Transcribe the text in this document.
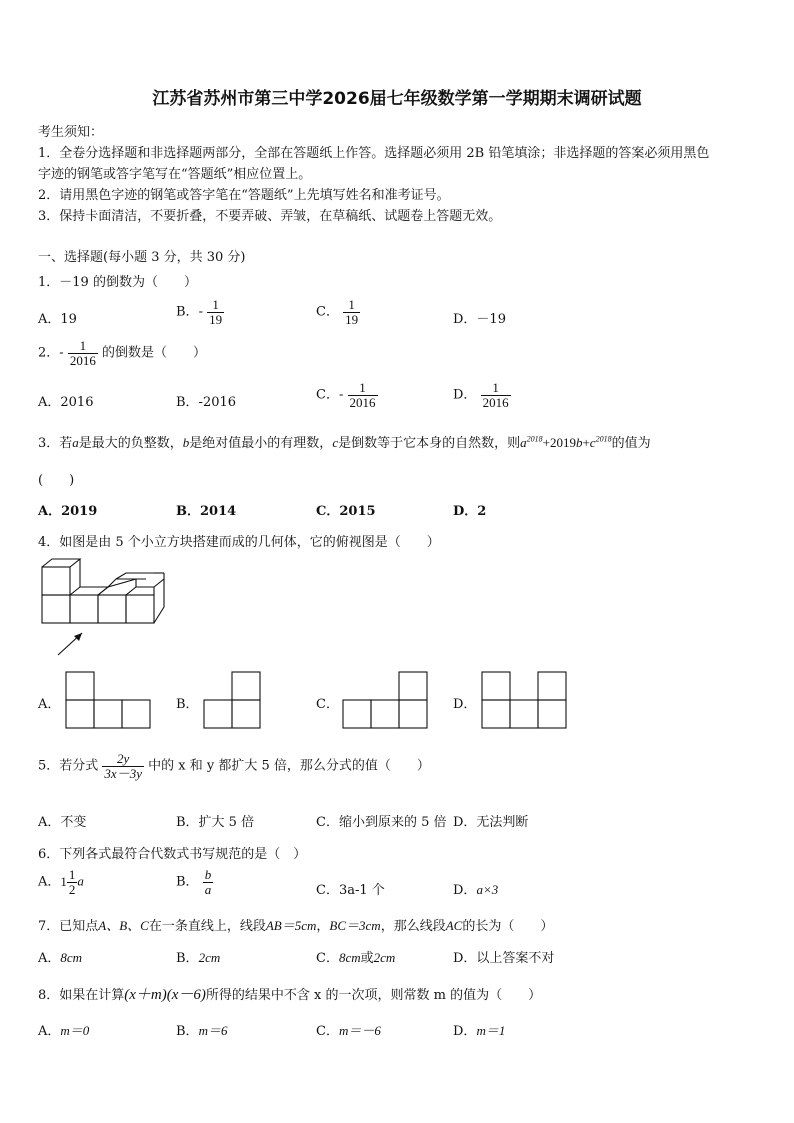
江苏省苏州市第三中学2026届七年级数学第一学期期末调研试题
考生须知：
1．全卷分选择题和非选择题两部分，全部在答题纸上作答。选择题必须用 2B 铅笔填涂；非选择题的答案必须用黑色
字迹的钢笔或答字笔写在“答题纸”相应位置上。
2．请用黑色字迹的钢笔或答字笔在“答题纸”上先填写姓名和准考证号。
3．保持卡面清洁，不要折叠，不要弄破、弄皱，在草稿纸、试题卷上答题无效。
一、选择题(每小题 3 分，共 30 分)
1．－19 的倒数为（　　）
A．19	B．- $\frac{1}{19}$	C． $\frac{1}{19}$	D．－19
2．- $\frac{1}{2016}$ 的倒数是（　　）
A．2016	B．-2016	C．- $\frac{1}{2016}$	D． $\frac{1}{2016}$
3．若a是最大的负整数，b是绝对值最小的有理数，c是倒数等于它本身的自然数，则$a^{2018}+2019b+c^{2018}$的值为
(　　)
A．2019	B．2014	C．2015	D．2
4．如图是由 5 个小立方块搭建而成的几何体，它的俯视图是（　　）
A．	B．	C．	D．
5．若分式 $\frac{2y}{3x-3y}$ 中的 x 和 y 都扩大 5 倍，那么分式的值（　　）
A．不变	B．扩大 5 倍	C．缩小到原来的 5 倍 D．无法判断
6．下列各式最符合代数式书写规范的是（　）
A．$1 \frac{1}{2}$ a	B． $\frac{b}{a}$	C．3a-1 个	D．a×3
7．已知点A、B、C在一条直线上，线段AB＝5cm，BC＝3cm，那么线段AC的长为（　　）
A．8cm	B．2cm	C．8cm或2cm	D．以上答案不对
8．如果在计算(x＋m)(x－6)所得的结果中不含 x 的一次项，则常数 m 的值为（　　）
A．m＝0	B．m＝6	C．m＝－6	D．m＝1
